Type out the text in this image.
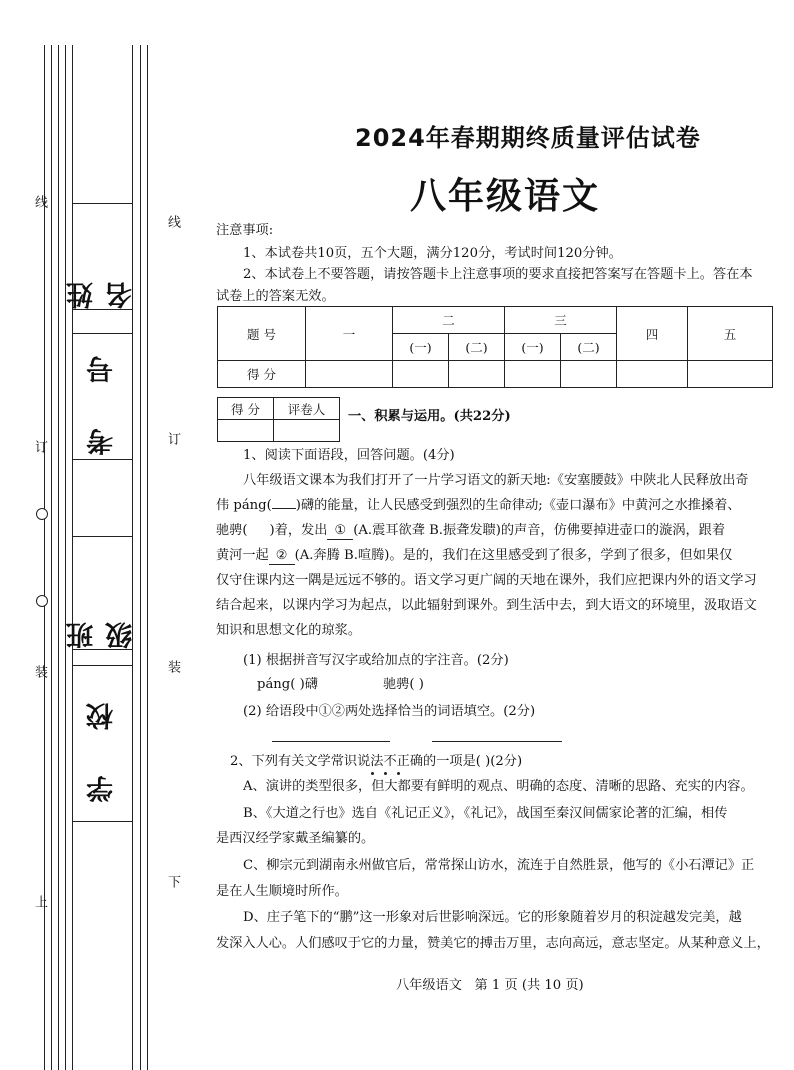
线
订
装
上
线
订
装
下
姓 名
考 号
班 级
学 校
2024年春期期终质量评估试卷
八年级语文
注意事项:
1、本试卷共10页，五个大题，满分120分，考试时间120分钟。
2、本试卷上不要答题，请按答题卡上注意事项的要求直接把答案写在答题卡上。答在本
试卷上的答案无效。
题 号	一	二		三		四	五
		(一)	(二)	(一)	(二)		
得 分							
得 分	评卷人
	一、积累与运用。(共22分)
1、阅读下面语段，回答问题。(4分)
八年级语文课本为我们打开了一片学习语文的新天地:《安塞腰鼓》中陕北人民释放出奇
伟 páng( )礴的能量，让人民感受到强烈的生命律动;《壶口瀑布》中黄河之水推搡着、
驰骋( )着，发出 ① (A.震耳欲聋 B.振聋发聩)的声音，仿佛要掉进壶口的漩涡，跟着
黄河一起 ② (A.奔腾 B.喧腾)。是的，我们在这里感受到了很多，学到了很多，但如果仅
仅守住课内这一隅是远远不够的。语文学习更广阔的天地在课外，我们应把课内外的语文学习
结合起来，以课内学习为起点，以此辐射到课外。到生活中去，到大语文的环境里，汲取语文
知识和思想文化的琼浆。
(1) 根据拼音写汉字或给加点的字注音。(2分)
páng( )礴	驰骋( )
(2) 给语段中①②两处选择恰当的词语填空。(2分)
2、下列有关文学常识说法不正确的一项是( )(2分)
A、演讲的类型很多，但大都要有鲜明的观点、明确的态度、清晰的思路、充实的内容。
B、《大道之行也》选自《礼记正义》，《礼记》，战国至秦汉间儒家论著的汇编，相传
是西汉经学家戴圣编纂的。
C、柳宗元到湖南永州做官后，常常探山访水，流连于自然胜景，他写的《小石潭记》正
是在人生顺境时所作。
D、庄子笔下的“鹏”这一形象对后世影响深远。它的形象随着岁月的积淀越发完美，越
发深入人心。人们感叹于它的力量，赞美它的搏击万里，志向高远，意志坚定。从某种意义上，
八年级语文   第 1 页 (共 10 页)
